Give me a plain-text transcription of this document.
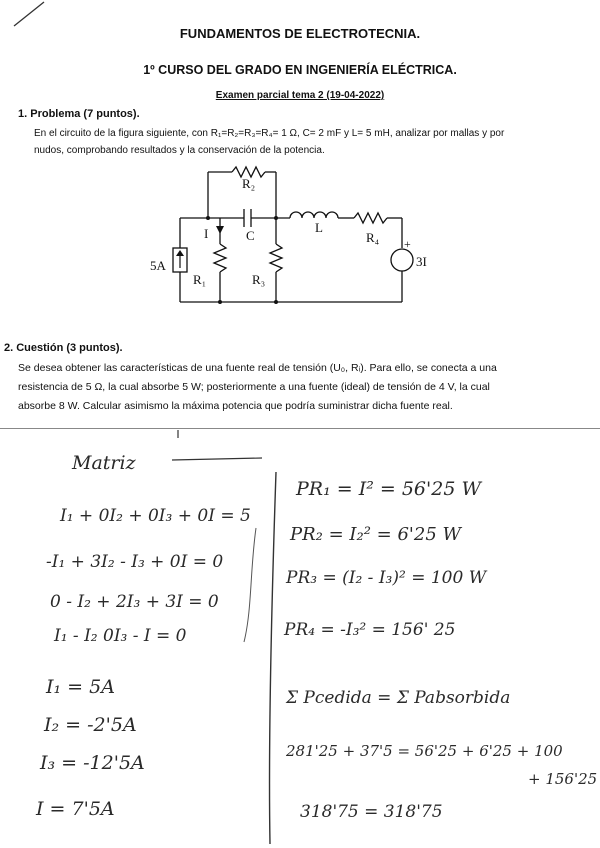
FUNDAMENTOS DE ELECTROTECNIA.
1º CURSO DEL GRADO EN INGENIERÍA ELÉCTRICA.
Examen parcial tema 2 (19-04-2022)
1. Problema (7 puntos).
En el circuito de la figura siguiente, con R₁=R₂=R₃=R₄= 1 Ω, C= 2 mF y L= 5 mH, analizar por mallas y por
nudos, comprobando resultados y la conservación de la potencia.
R₂
I	C
L
R₄
5A
R₁	R₃
+
3I
2. Cuestión (3 puntos).
Se desea obtener las características de una fuente real de tensión (U₀, Rᵢ). Para ello, se conecta a una
resistencia de 5 Ω, la cual absorbe 5 W; posteriormente a una fuente (ideal) de tensión de 4 V, la cual
absorbe 8 W. Calcular asimismo la máxima potencia que podría suministrar dicha fuente real.
Matriz
I₁ + 0I₂ + 0I₃ + 0I = 5
-I₁ + 3I₂ - I₃ + 0I = 0
0 - I₂ + 2I₃ + 3I = 0
I₁ - I₂ 0I₃ - I = 0
I₁ = 5A
I₂ = -2'5A
I₃ = -12'5A
I = 7'5A
PR₁ = I² = 56'25 W
PR₂ = I₂² = 6'25 W
PR₃ = (I₂ - I₃)² = 100 W
PR₄ = -I₃² = 156' 25
Σ Pcedida = Σ Pabsorbida
281'25 + 37'5 = 56'25 + 6'25 + 100
+ 156'25
318'75 = 318'75
